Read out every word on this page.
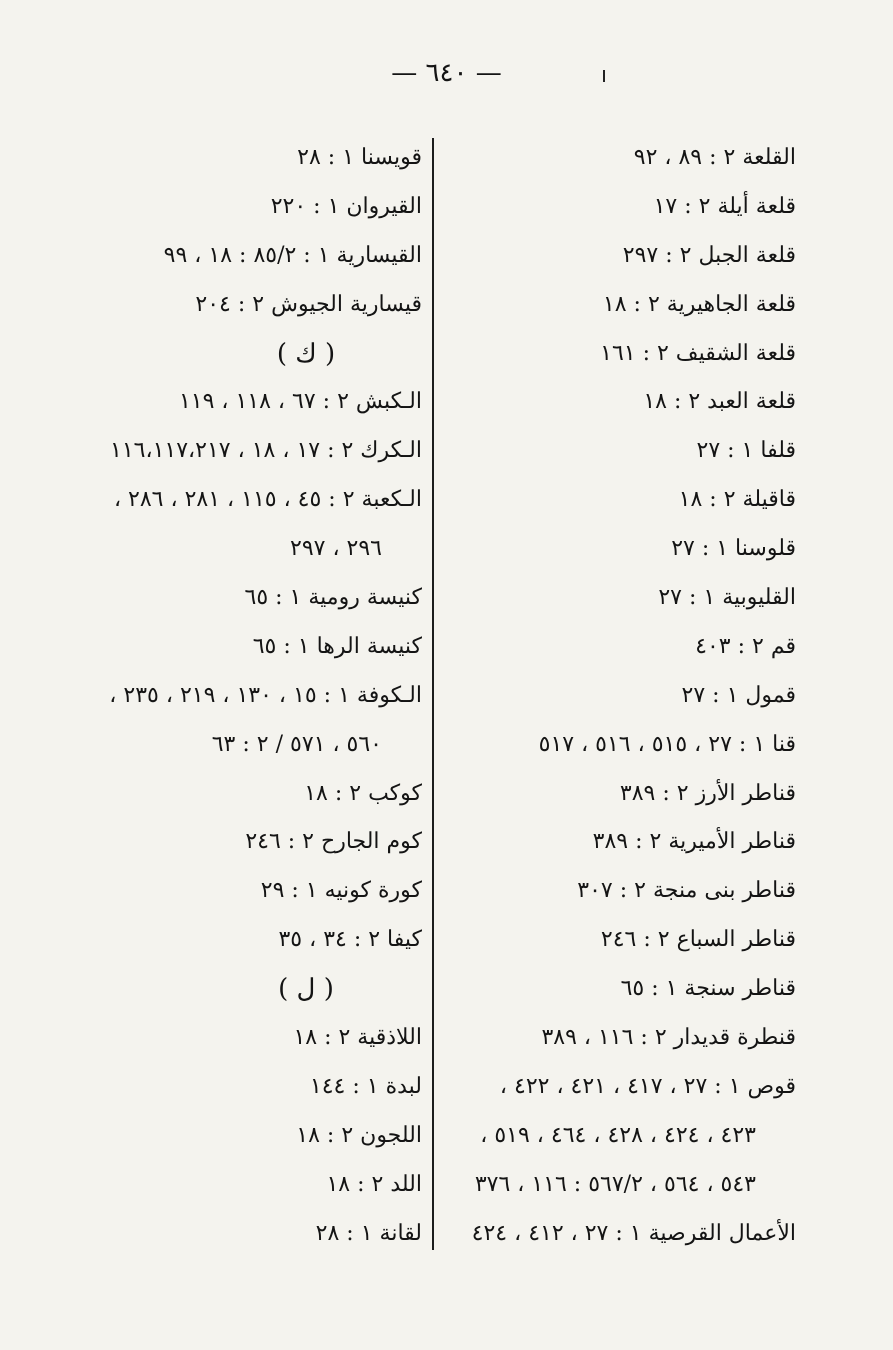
— ٦٤٠ —
القلعة ٢ : ٨٩ ، ٩٢
قلعة أيلة ٢ : ١٧
قلعة الجبل ٢ : ٢٩٧
قلعة الجاهيرية ٢ : ١٨
قلعة الشقيف ٢ : ١٦١
قلعة العبد ٢ : ١٨
قلفا ١ : ٢٧
قاقيلة ٢ : ١٨
قلوسنا ١ : ٢٧
القليوبية ١ : ٢٧
قم ٢ : ٤٠٣
قمول ١ : ٢٧
قنا ١ : ٢٧ ، ٥١٥ ، ٥١٦ ، ٥١٧
قناطر الأرز ٢ : ٣٨٩
قناطر الأميرية ٢ : ٣٨٩
قناطر بنى منجة ٢ : ٣٠٧
قناطر السباع ٢ : ٢٤٦
قناطر سنجة ١ : ٦٥
قنطرة قديدار ٢ : ١١٦ ، ٣٨٩
قوص ١ : ٢٧ ، ٤١٧ ، ٤٢١ ، ٤٢٢ ،
٤٢٣ ، ٤٢٤ ، ٤٢٨ ، ٤٦٤ ، ٥١٩ ،
٥٤٣ ، ٥٦٤ ، ٥٦٧/٢ : ١١٦ ، ٣٧٦
الأعمال القرصية ١ : ٢٧ ، ٤١٢ ، ٤٢٤
قويسنا ١ : ٢٨
القيروان ١ : ٢٢٠
القيسارية ١ : ٨٥/٢ : ١٨ ، ٩٩
قيسارية الجيوش ٢ : ٢٠٤
( ك )
الـكبش ٢ : ٦٧ ، ١١٨ ، ١١٩
الـكرك ٢ : ١٧ ، ١٨ ، ١١٦،١١٧،٢١٧
الـكعبة ٢ : ٤٥ ، ١١٥ ، ٢٨١ ، ٢٨٦ ،
٢٩٦ ، ٢٩٧
كنيسة رومية ١ : ٦٥
كنيسة الرها ١ : ٦٥
الـكوفة ١ : ١٥ ، ١٣٠ ، ٢١٩ ، ٢٣٥ ،
٥٦٠ ، ٥٧١ / ٢ : ٦٣
كوكب ٢ : ١٨
كوم الجارح ٢ : ٢٤٦
كورة كونيه ١ : ٢٩
كيفا ٢ : ٣٤ ، ٣٥
( ل )
اللاذقية ٢ : ١٨
لبدة ١ : ١٤٤
اللجون ٢ : ١٨
اللد ٢ : ١٨
لقانة ١ : ٢٨
